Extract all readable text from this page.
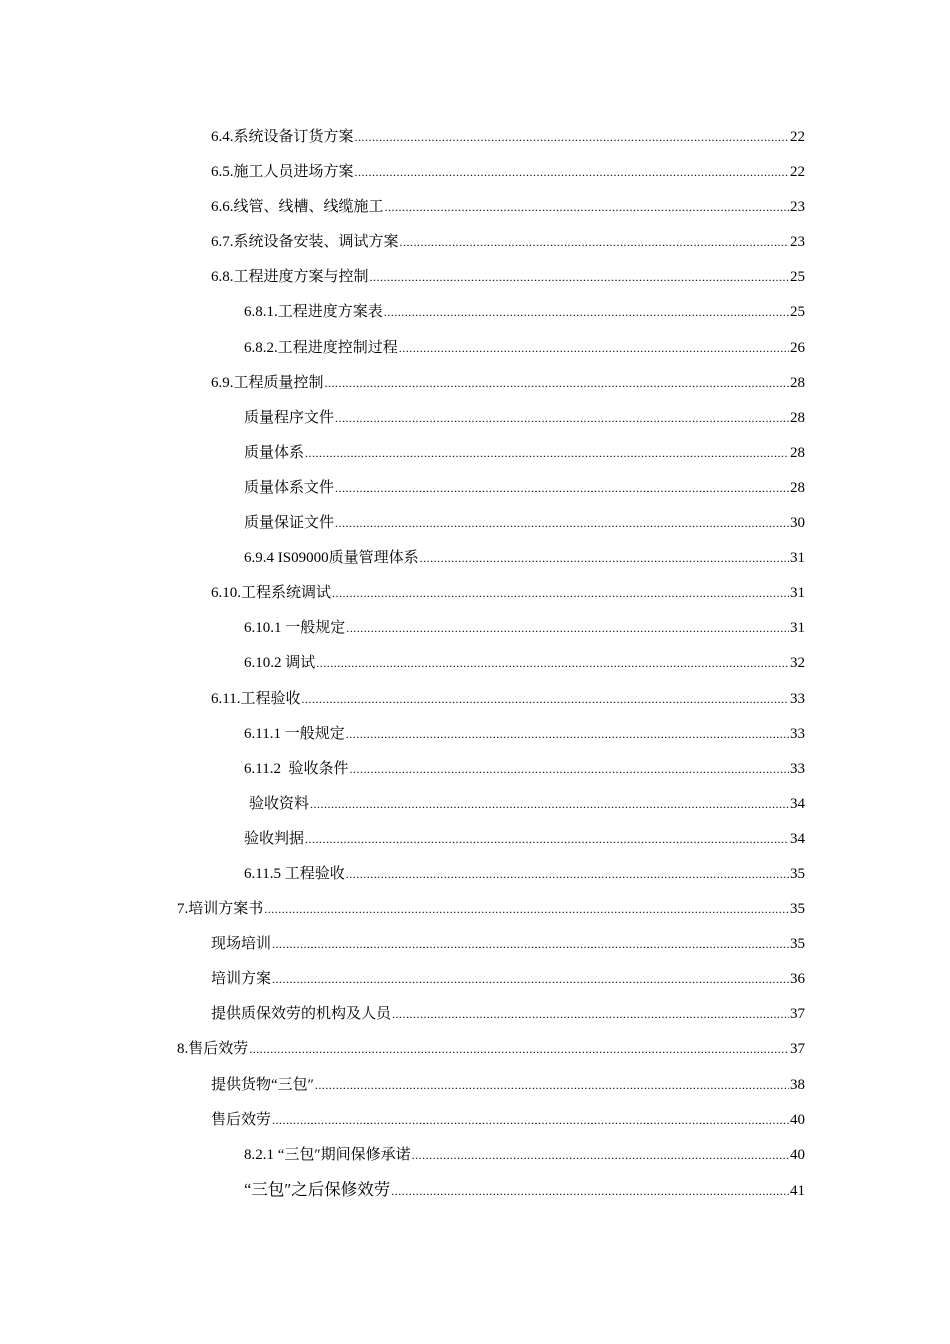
6.4.系统设备订货方案 .....	22
6.5.施工人员进场方案 .....	22
6.6.线管、线槽、线缆施工 .....	23
6.7.系统设备安装、调试方案 .....	23
6.8.工程进度方案与控制 .....	25
6.8.1.工程进度方案表 .....	25
6.8.2.工程进度控制过程 .....	26
6.9.工程质量控制 .....	28
质量程序文件 .....	28
质量体系 .....	28
质量体系文件 .....	28
质量保证文件 .....	30
6.9.4 IS09000质量管理体系 .....	31
6.10.工程系统调试 .....	31
6.10.1 一般规定 .....	31
6.10.2 调试 .....	32
6.11.工程验收 .....	33
6.11.1 一般规定 .....	33
6.11.2  验收条件 .....	33
验收资料 .....	34
验收判据 .....	34
6.11.5 工程验收 .....	35
7.培训方案书 .....	35
现场培训 .....	35
培训方案 .....	36
提供质保效劳的机构及人员 .....	37
8.售后效劳 .....	37
提供货物“三包″ .....	38
售后效劳 .....	40
8.2.1 “三包″期间保修承诺 .....	40
“三包″之后保修效劳 .....	41
